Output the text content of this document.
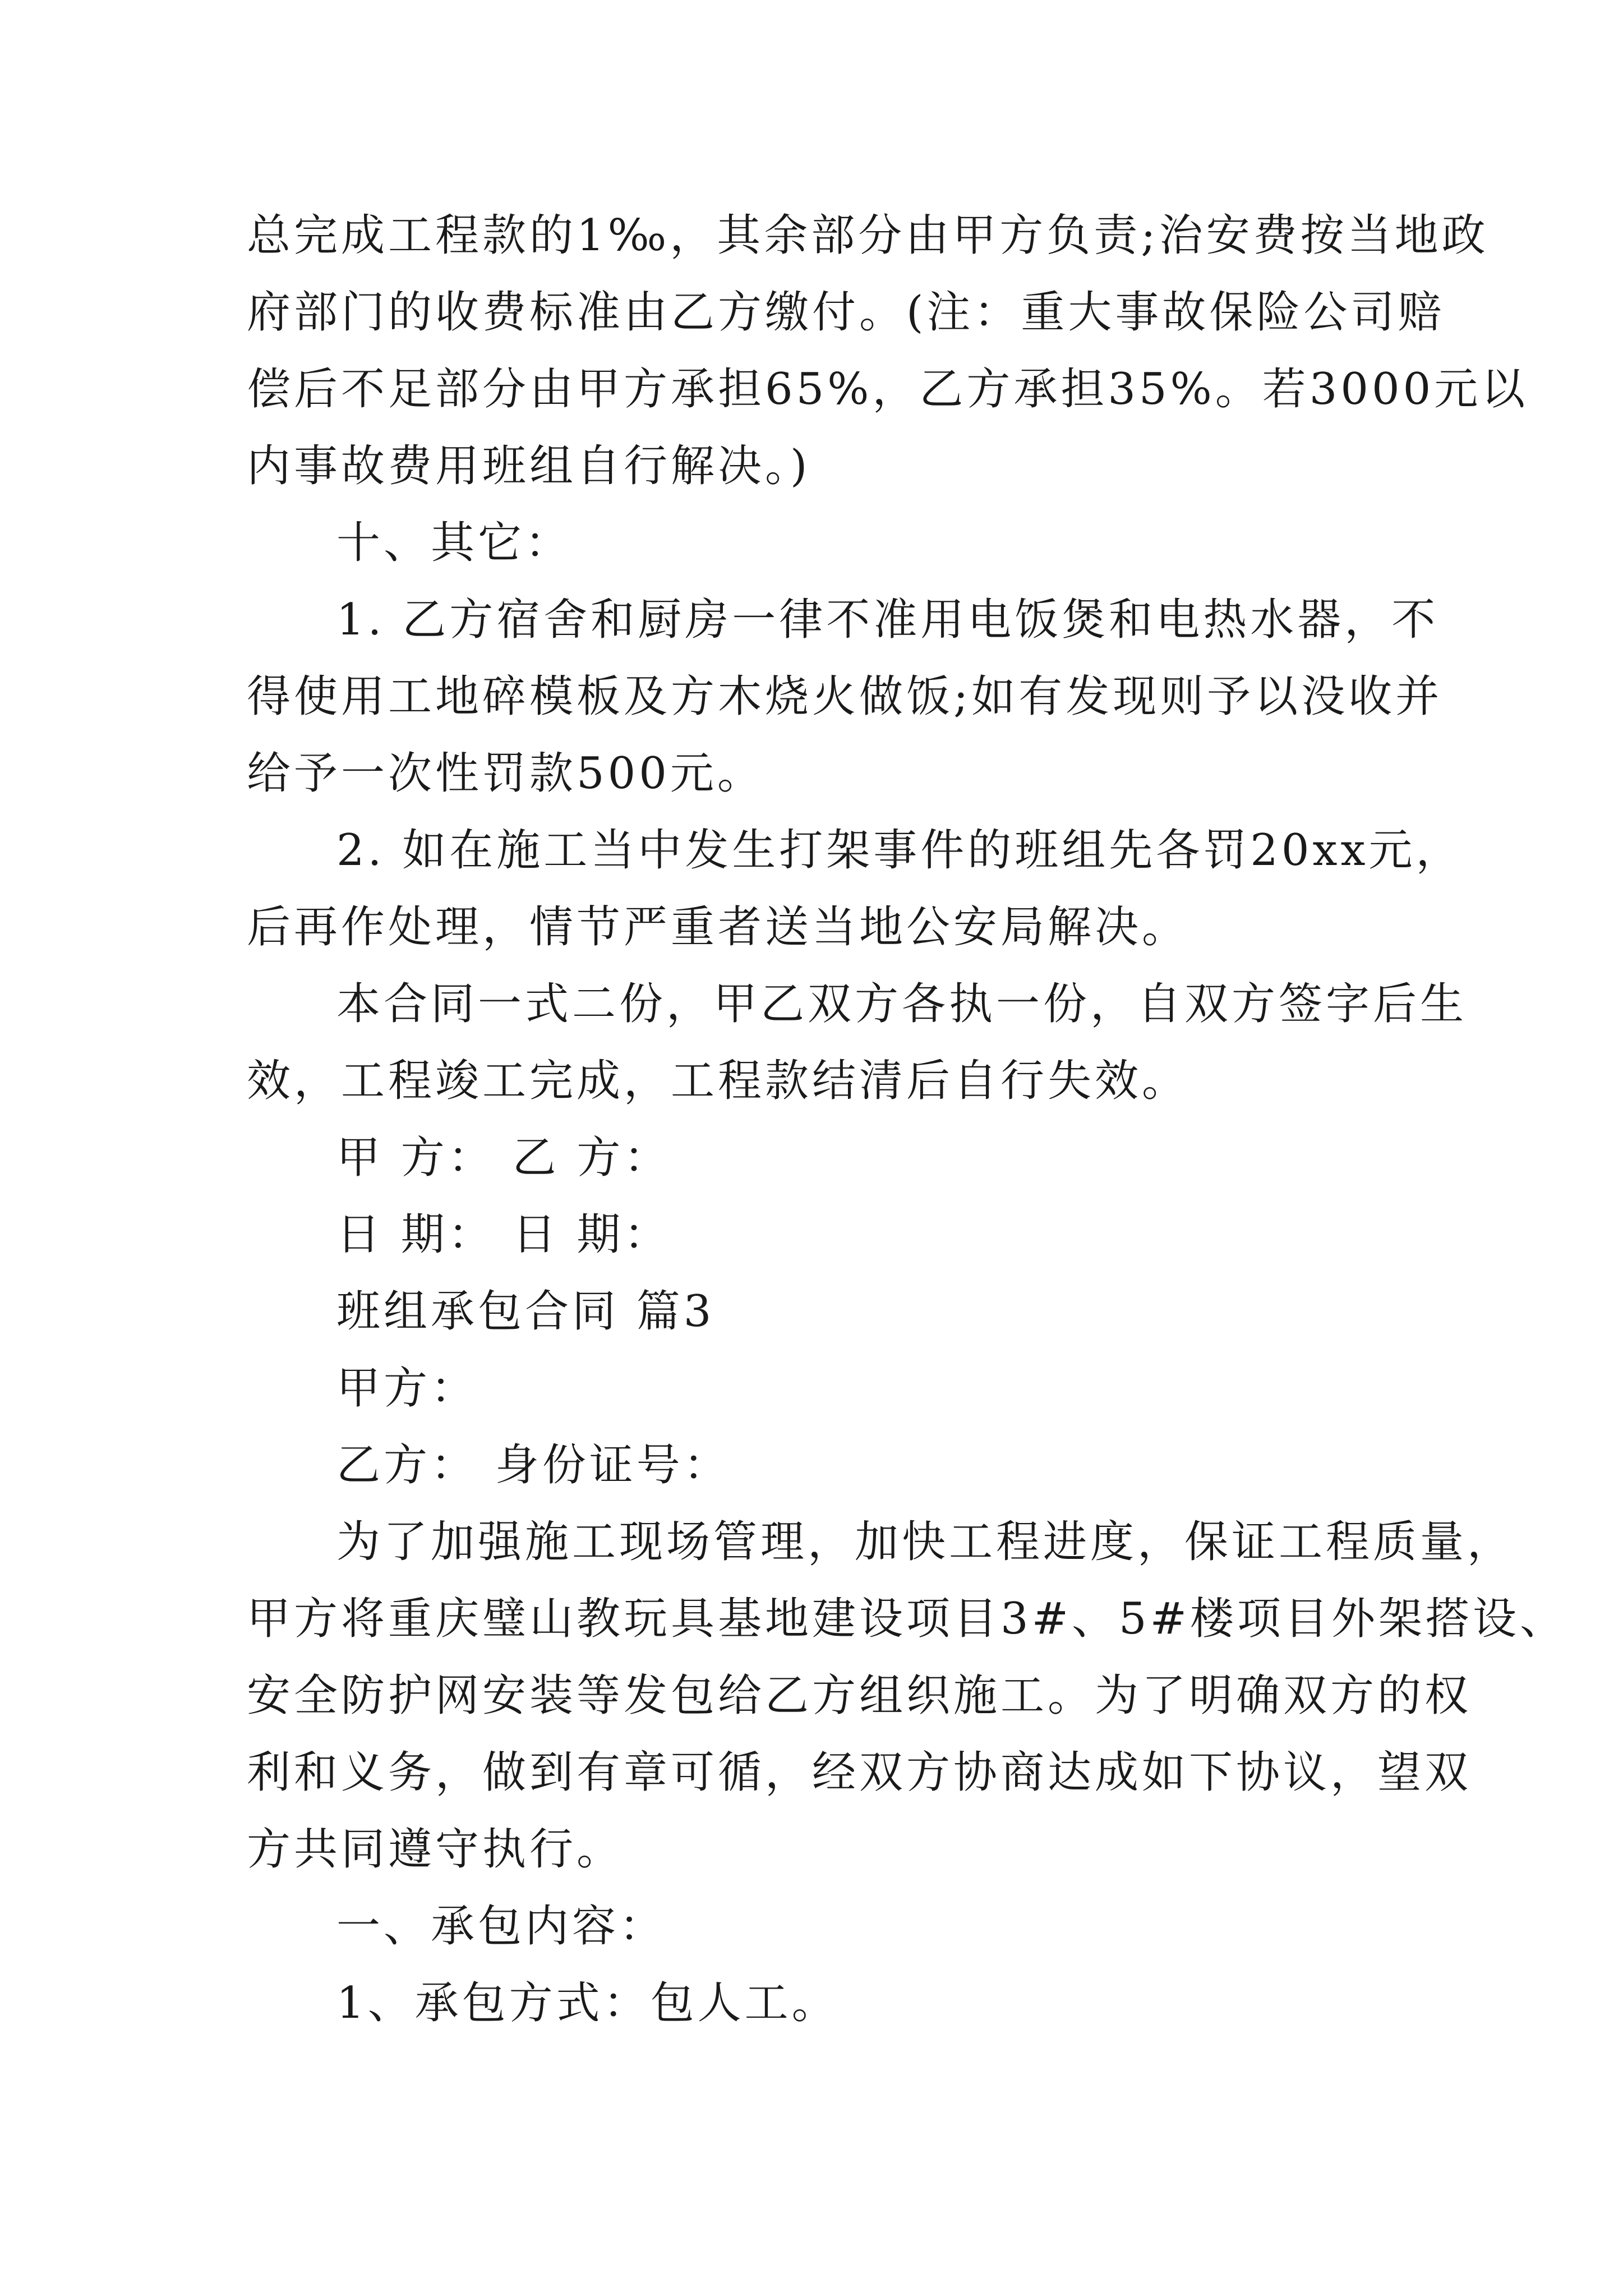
总完成工程款的1‰，其余部分由甲方负责;治安费按当地政
府部门的收费标准由乙方缴付。(注：重大事故保险公司赔
偿后不足部分由甲方承担65%，乙方承担35%。若3000元以
内事故费用班组自行解决。)
十、其它：
1. 乙方宿舍和厨房一律不准用电饭煲和电热水器，不
得使用工地碎模板及方木烧火做饭;如有发现则予以没收并
给予一次性罚款500元。
2. 如在施工当中发生打架事件的班组先各罚20xx元，
后再作处理，情节严重者送当地公安局解决。
本合同一式二份，甲乙双方各执一份，自双方签字后生
效，工程竣工完成，工程款结清后自行失效。
甲 方： 乙 方：
日 期： 日 期：
班组承包合同 篇3
甲方：
乙方： 身份证号：
为了加强施工现场管理，加快工程进度，保证工程质量，
甲方将重庆璧山教玩具基地建设项目3#、5#楼项目外架搭设、
安全防护网安装等发包给乙方组织施工。为了明确双方的权
利和义务，做到有章可循，经双方协商达成如下协议，望双
方共同遵守执行。
一、承包内容：
1、承包方式：包人工。
